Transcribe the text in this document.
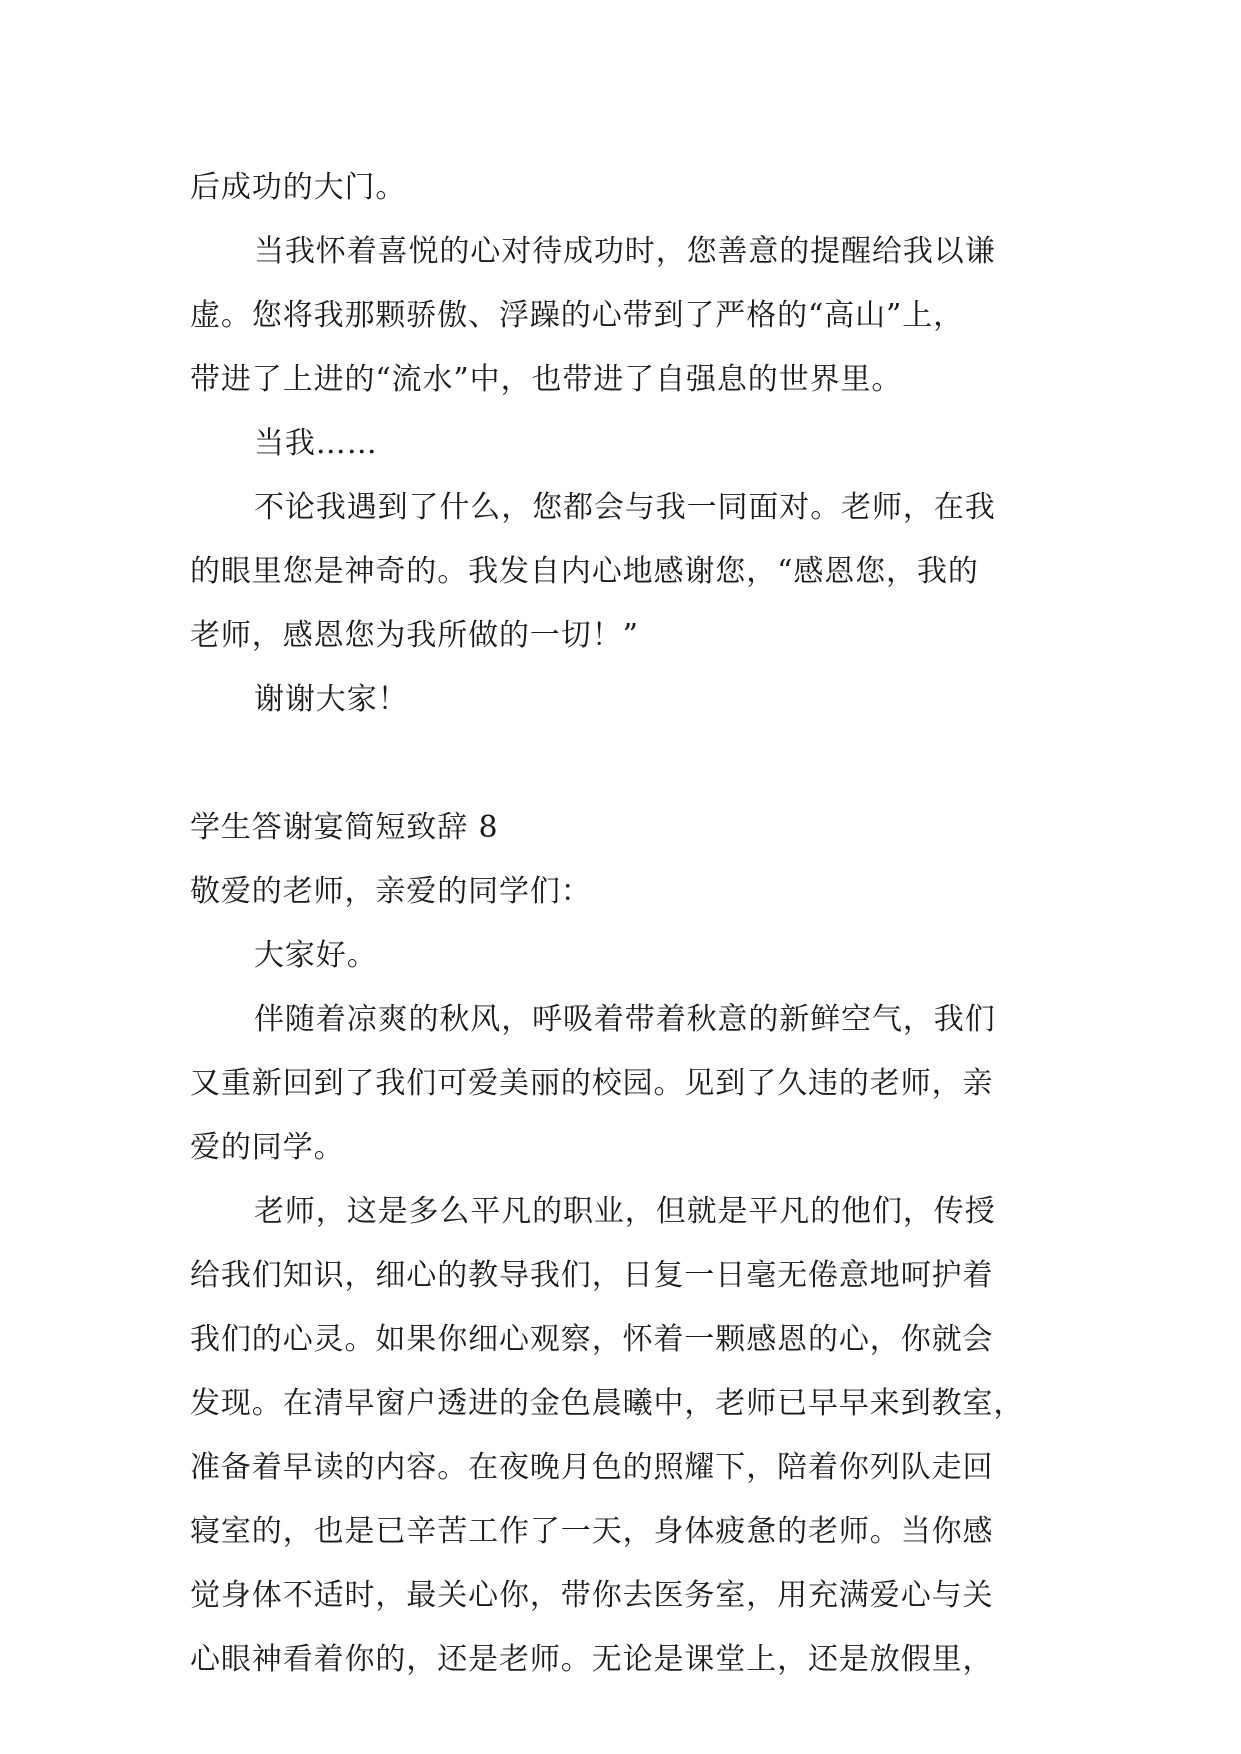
后成功的大门。
当我怀着喜悦的心对待成功时，您善意的提醒给我以谦
虚。您将我那颗骄傲、浮躁的心带到了严格的“高山”上，
带进了上进的“流水”中，也带进了自强息的世界里。
当我……
不论我遇到了什么，您都会与我一同面对。老师，在我
的眼里您是神奇的。我发自内心地感谢您，“感恩您，我的
老师，感恩您为我所做的一切！”
谢谢大家！
学生答谢宴简短致辞 8
敬爱的老师，亲爱的同学们：
大家好。
伴随着凉爽的秋风，呼吸着带着秋意的新鲜空气，我们
又重新回到了我们可爱美丽的校园。见到了久违的老师，亲
爱的同学。
老师，这是多么平凡的职业，但就是平凡的他们，传授
给我们知识，细心的教导我们，日复一日毫无倦意地呵护着
我们的心灵。如果你细心观察，怀着一颗感恩的心，你就会
发现。在清早窗户透进的金色晨曦中，老师已早早来到教室，
准备着早读的内容。在夜晚月色的照耀下，陪着你列队走回
寝室的，也是已辛苦工作了一天，身体疲惫的老师。当你感
觉身体不适时，最关心你，带你去医务室，用充满爱心与关
心眼神看着你的，还是老师。无论是课堂上，还是放假里，
